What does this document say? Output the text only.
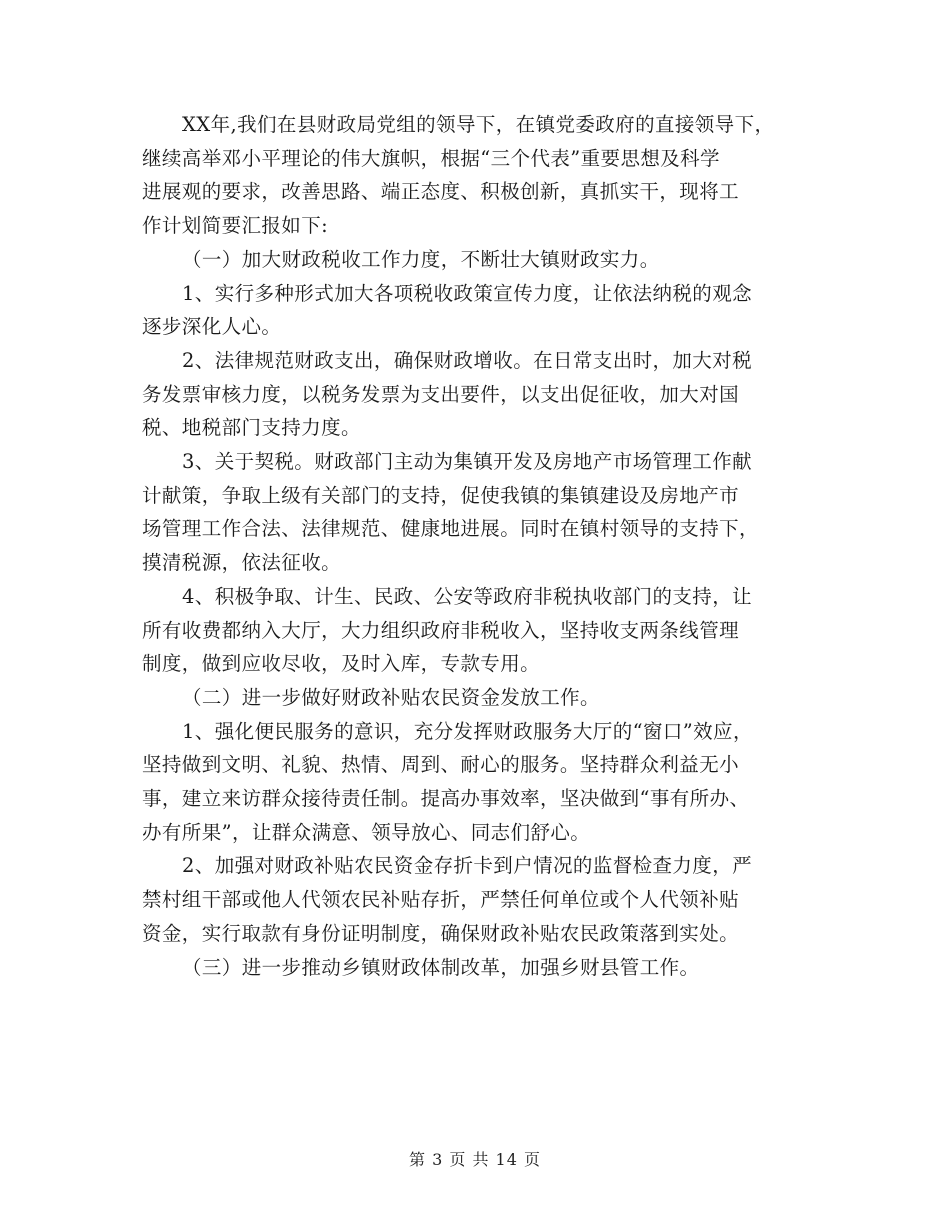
XX年,我们在县财政局党组的领导下，在镇党委政府的直接领导下，
继续高举邓小平理论的伟大旗帜，根据“三个代表”重要思想及科学
进展观的要求，改善思路、端正态度、积极创新，真抓实干，现将工
作计划简要汇报如下:

（一）加大财政税收工作力度，不断壮大镇财政实力。

1、实行多种形式加大各项税收政策宣传力度，让依法纳税的观念
逐步深化人心。

2、法律规范财政支出，确保财政增收。在日常支出时，加大对税
务发票审核力度，以税务发票为支出要件，以支出促征收，加大对国
税、地税部门支持力度。

3、关于契税。财政部门主动为集镇开发及房地产市场管理工作献
计献策，争取上级有关部门的支持，促使我镇的集镇建设及房地产市
场管理工作合法、法律规范、健康地进展。同时在镇村领导的支持下，
摸清税源，依法征收。

4、积极争取、计生、民政、公安等政府非税执收部门的支持，让
所有收费都纳入大厅，大力组织政府非税收入，坚持收支两条线管理
制度，做到应收尽收，及时入库，专款专用。

（二）进一步做好财政补贴农民资金发放工作。

1、强化便民服务的意识，充分发挥财政服务大厅的“窗口”效应，
坚持做到文明、礼貌、热情、周到、耐心的服务。坚持群众利益无小
事，建立来访群众接待责任制。提高办事效率，坚决做到“事有所办、
办有所果”，让群众满意、领导放心、同志们舒心。

2、加强对财政补贴农民资金存折卡到户情况的监督检查力度，严
禁村组干部或他人代领农民补贴存折，严禁任何单位或个人代领补贴
资金，实行取款有身份证明制度，确保财政补贴农民政策落到实处。

（三）进一步推动乡镇财政体制改革，加强乡财县管工作。

第 3 页 共 14 页
